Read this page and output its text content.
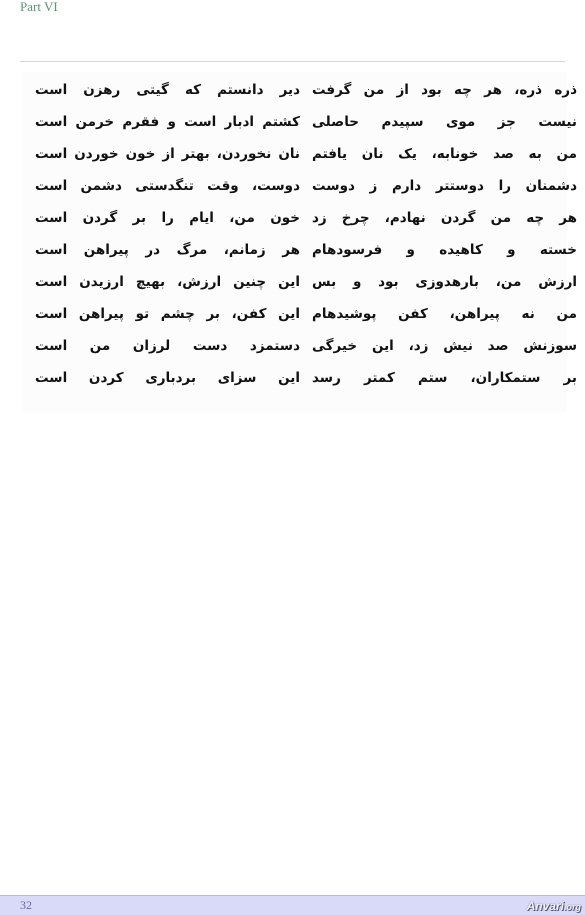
Part VI
ذره ذره، هر چه بود از من گرفت
دیر دانستم که گیتی رهزن است
نیست جز موی سپیدم حاصلی
کشتم ادبار است و فقرم خرمن است
من به صد خونابه، یک نان یافتم
نان نخوردن، بهتر از خون خوردن است
دشمنان را دوستتر دارم ز دوست
دوست، وقت تنگدستی دشمن است
هر چه من گردن نهادم، چرخ زد
خون من، ایام را بر گردن است
خسته و کاهیده و فرسودهام
هر زمانم، مرگ در پیراهن است
ارزش من، بارهدوزی بود و بس
این چنین ارزش، بهیچ ارزیدن است
من نه پیراهن، کفن پوشیدهام
این کفن، بر چشم تو پیراهن است
سوزنش صد نیش زد، این خیرگی
دستمزد دست لرزان من است
بر ستمکاران، ستم کمتر رسد
این سزای بردباری کردن است
32	Anvari.org
